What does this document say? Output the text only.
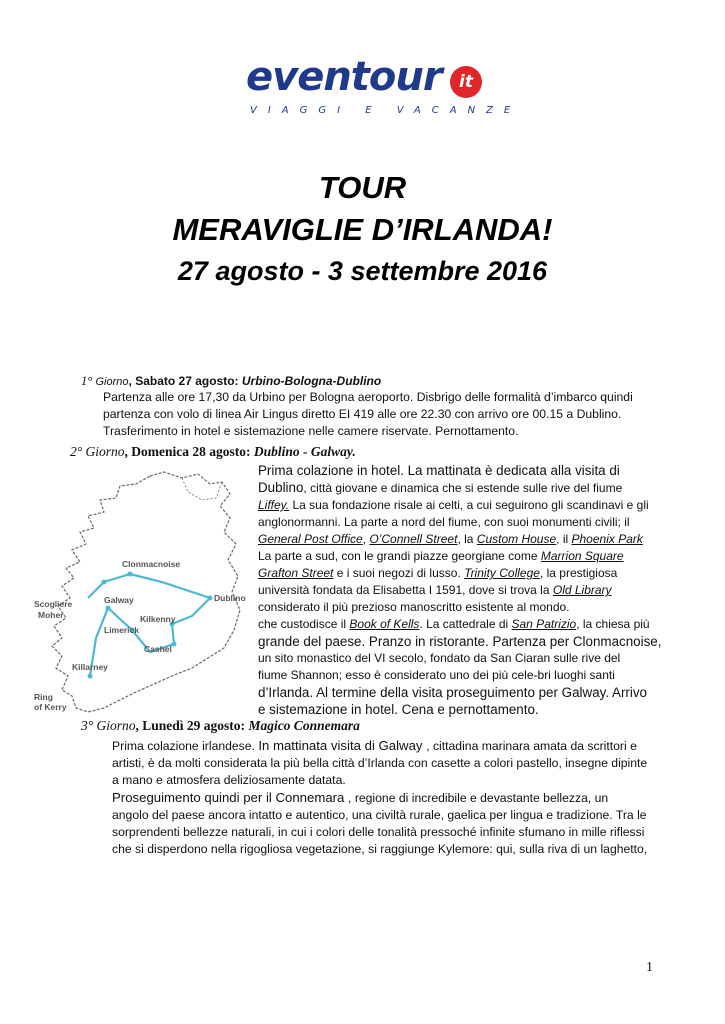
eventour 	it
VIAGGI E VACANZE
TOUR
MERAVIGLIE D’IRLANDA!
27 agosto - 3 settembre 2016
1° Giorno, Sabato 27 agosto: Urbino-Bologna-Dublino
Partenza alle ore 17,30 da Urbino per Bologna aeroporto. Disbrigo delle formalità d’imbarco quindi
partenza con volo di linea Air Lingus diretto EI 419 alle ore 22.30 con arrivo ore 00.15 a Dublino.
Trasferimento in hotel e sistemazione nelle camere riservate. Pernottamento.
2° Giorno, Domenica 28 agosto: Dublino - Galway.
Clonmacnoise
Galway	Dublino
Scogliere
Moher	Kilkenny
Limerick
Cashel
Killarney
Ring
of Kerry
Prima colazione in hotel. La mattinata è dedicata alla visita di
Dublino, città giovane e dinamica che si estende sulle rive del fiume
Liffey. La sua fondazione risale ai celti, a cui seguirono gli scandinavi e gli
anglonormanni. La parte a nord del fiume, con suoi monumenti civili; il
General Post Office, O’Connell Street, la Custom House, il Phoenix Park
La parte a sud, con le grandi piazze georgiane come Marrion Square
Grafton Street e i suoi negozi di lusso. Trinity College, la prestigiosa
università fondata da Elisabetta I 1591, dove si trova la Old Library
considerato il più prezioso manoscritto esistente al mondo.
che custodisce il Book of Kells. La cattedrale di San Patrizio, la chiesa più
grande del paese. Pranzo in ristorante. Partenza per Clonmacnoise,
un sito monastico del VI secolo, fondato da San Ciaran sulle rive del
fiume Shannon; esso è considerato uno dei più cele-bri luoghi santi
d’Irlanda. Al termine della visita proseguimento per Galway. Arrivo
e sistemazione in hotel. Cena e pernottamento.
3° Giorno, Lunedì 29 agosto: Magico Connemara
Prima colazione irlandese. In mattinata visita di Galway , cittadina marinara amata da scrittori e
artisti, è da molti considerata la più bella città d’Irlanda con casette a colori pastello, insegne dipinte
a mano e atmosfera deliziosamente datata.
Proseguimento quindi per il Connemara , regione di incredibile e devastante bellezza, un
angolo del paese ancora intatto e autentico, una civiltà rurale, gaelica per lingua e tradizione. Tra le
sorprendenti bellezze naturali, in cui i colori delle tonalità pressoché infinite sfumano in mille riflessi
che si disperdono nella rigogliosa vegetazione, si raggiunge Kylemore: qui, sulla riva di un laghetto,
1
